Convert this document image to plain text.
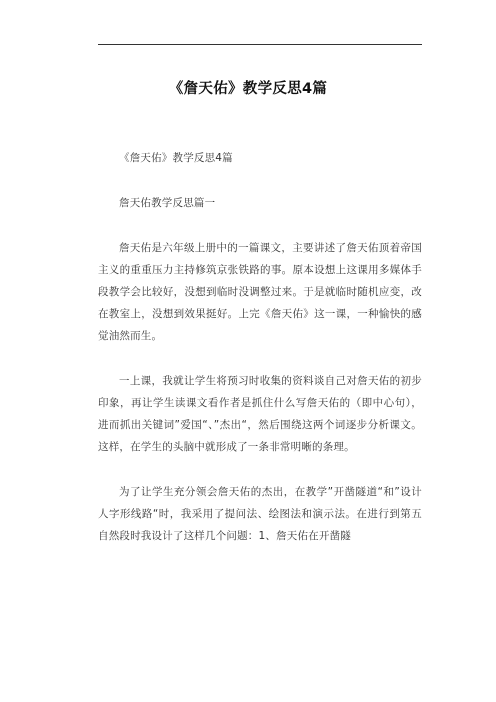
《詹天佑》教学反思4篇

《詹天佑》教学反思4篇

詹天佑教学反思篇一

詹天佑是六年级上册中的一篇课文，主要讲述了詹天佑顶着帝国主义的重重压力主持修筑京张铁路的事。原本设想上这课用多媒体手段教学会比较好，没想到临时没调整过来。于是就临时随机应变，改在教室上，没想到效果挺好。上完《詹天佑》这一课，一种愉快的感觉油然而生。

一上课，我就让学生将预习时收集的资料谈自己对詹天佑的初步印象，再让学生读课文看作者是抓住什么写詹天佑的（即中心句），进而抓出关键词”爱国“、”杰出“，然后围绕这两个词逐步分析课文。这样，在学生的头脑中就形成了一条非常明晰的条理。

为了让学生充分领会詹天佑的杰出，在教学”开凿隧道“和”设计人字形线路“时，我采用了提问法、绘图法和演示法。在进行到第五自然段时我设计了这样几个问题：1、詹天佑在开凿隧
